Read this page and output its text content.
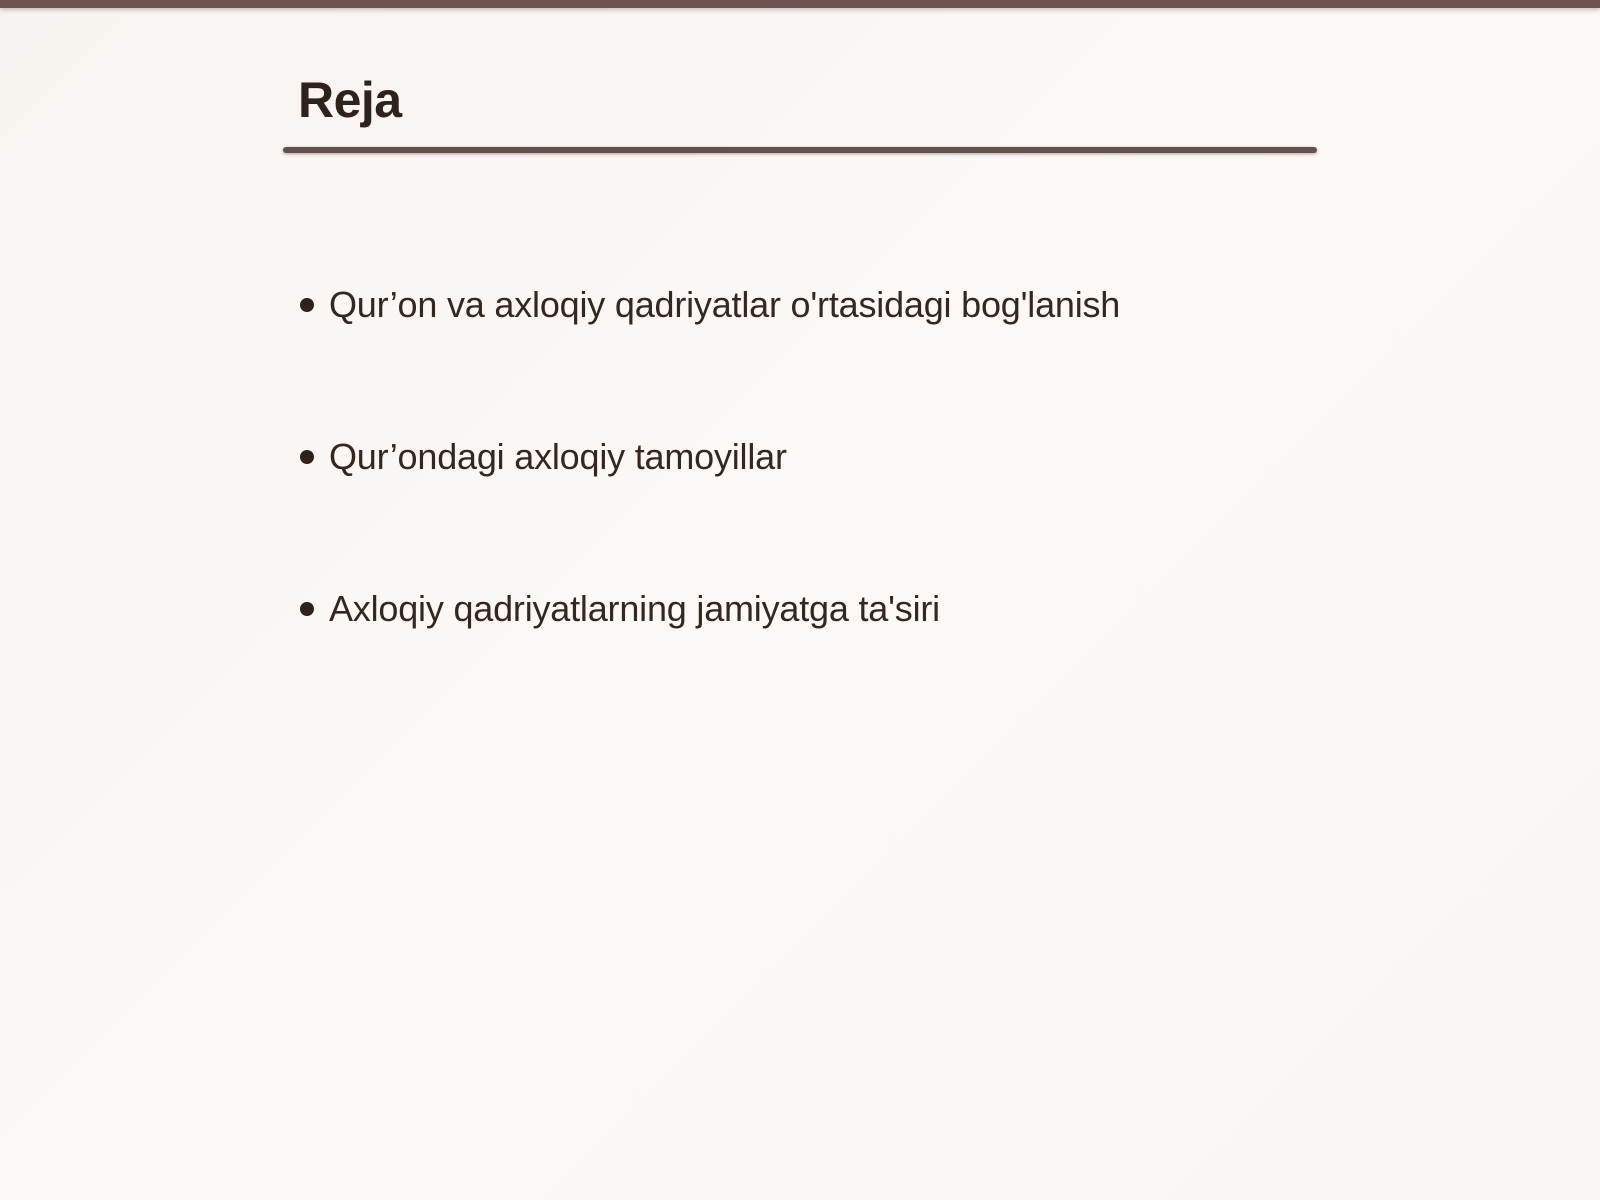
Reja
Qur’on va axloqiy qadriyatlar o'rtasidagi bog'lanish
Qur’ondagi axloqiy tamoyillar
Axloqiy qadriyatlarning jamiyatga ta'siri
